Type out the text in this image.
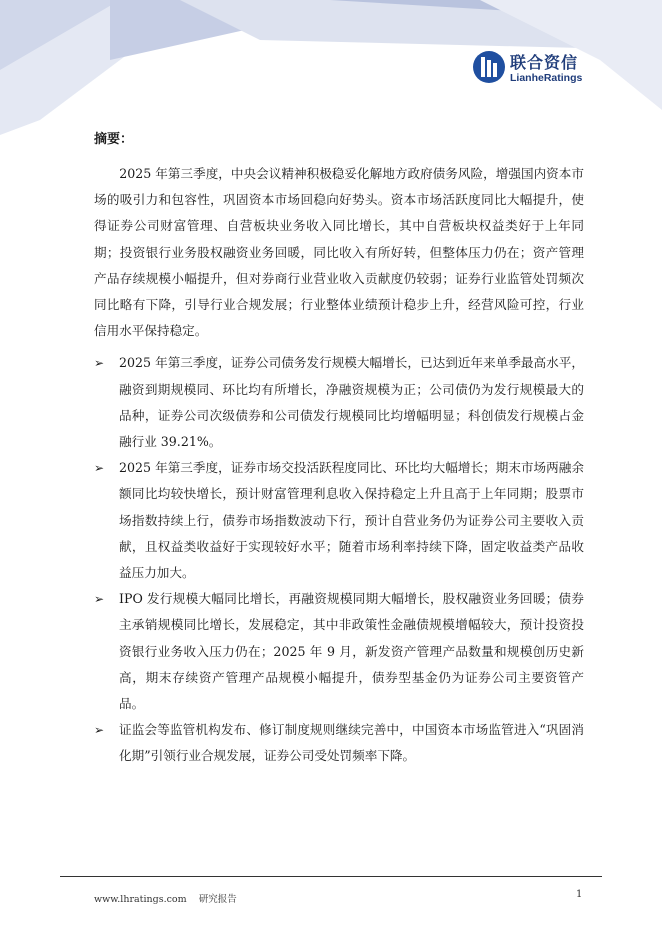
联合资信
LianheRatings
摘要：

2025 年第三季度，中央会议精神积极稳妥化解地方政府债务风险，增强国内资本市场的吸引力和包容性，巩固资本市场回稳向好势头。资本市场活跃度同比大幅提升，使得证券公司财富管理、自营板块业务收入同比增长，其中自营板块权益类好于上年同期；投资银行业务股权融资业务回暖，同比收入有所好转，但整体压力仍在；资产管理产品存续规模小幅提升，但对券商行业营业收入贡献度仍较弱；证券行业监管处罚频次同比略有下降，引导行业合规发展；行业整体业绩预计稳步上升，经营风险可控，行业信用水平保持稳定。

➢ 2025 年第三季度，证券公司债务发行规模大幅增长，已达到近年来单季最高水平，融资到期规模同、环比均有所增长，净融资规模为正；公司债仍为发行规模最大的品种，证券公司次级债券和公司债发行规模同比均增幅明显；科创债发行规模占金融行业 39.21%。
➢ 2025 年第三季度，证券市场交投活跃程度同比、环比均大幅增长；期末市场两融余额同比均较快增长，预计财富管理利息收入保持稳定上升且高于上年同期；股票市场指数持续上行，债券市场指数波动下行，预计自营业务仍为证券公司主要收入贡献，且权益类收益好于实现较好水平；随着市场利率持续下降，固定收益类产品收益压力加大。
➢ IPO 发行规模大幅同比增长，再融资规模同期大幅增长，股权融资业务回暖；债券主承销规模同比增长，发展稳定，其中非政策性金融债规模增幅较大，预计投资投资银行业务收入压力仍在；2025 年 9 月，新发资产管理产品数量和规模创历史新高，期末存续资产管理产品规模小幅提升，债券型基金仍为证券公司主要资管产品。
➢ 证监会等监管机构发布、修订制度规则继续完善中，中国资本市场监管进入“巩固消化期”引领行业合规发展，证券公司受处罚频率下降。
www.lhratings.com 研究报告	1
